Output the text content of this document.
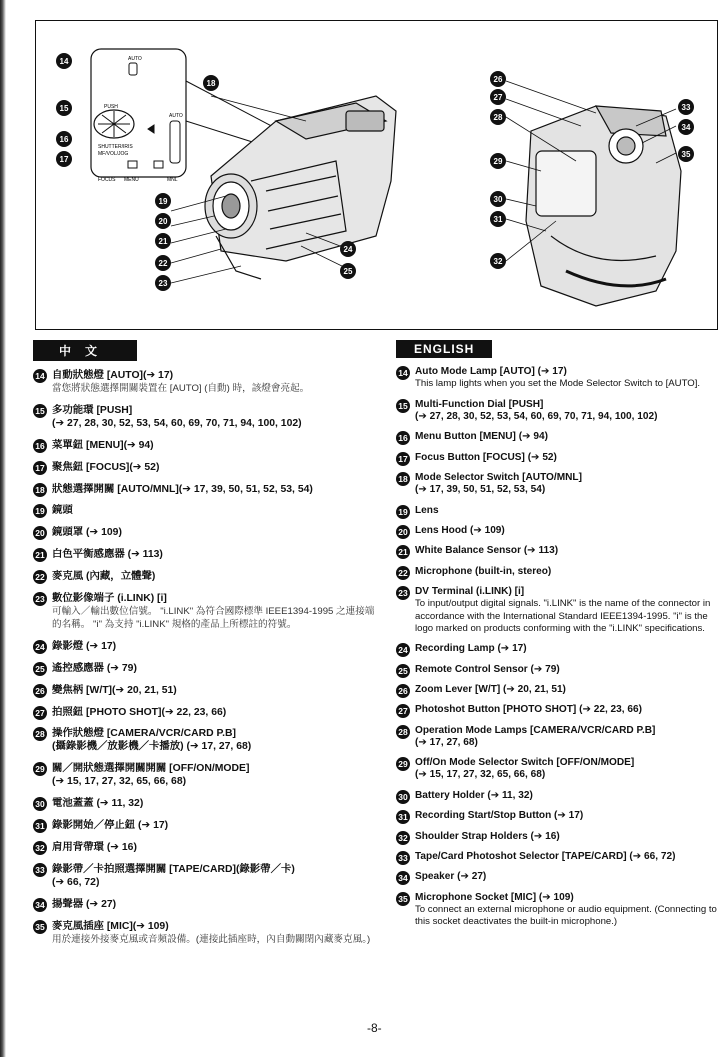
AUTO
PUSH
SHUTTER/IRIS
MF/VOL/JOG
FOCUS MENU
AUTO
MNL
14
15
16
17
18
19
20
21
22
23
24
25
26
27
28
29
30
31
32
33
34
35
中文
14 自動狀態燈 [AUTO](➔ 17)
當您將狀態選擇開關裝置在 [AUTO] (自動) 時，該燈會亮起。
15 多功能環 [PUSH]
(➔ 27, 28, 30, 52, 53, 54, 60, 69, 70, 71, 94, 100, 102)
16 菜單鈕 [MENU](➔ 94)
17 聚焦鈕 [FOCUS](➔ 52)
18 狀態選擇開關 [AUTO/MNL](➔ 17, 39, 50, 51, 52, 53, 54)
19 鏡頭
20 鏡頭罩 (➔ 109)
21 白色平衡感應器 (➔ 113)
22 麥克風 (內藏，立體聲)
23 數位影像端子 (i.LINK) [i]
可輸入／輸出數位信號。 "i.LINK" 為符合國際標準 IEEE1394-1995 之連接端的名稱。 "i" 為支持 "i.LINK" 規格的產品上所標註的符號。
24 錄影燈 (➔ 17)
25 遙控感應器 (➔ 79)
26 變焦柄 [W/T](➔ 20, 21, 51)
27 拍照鈕 [PHOTO SHOT](➔ 22, 23, 66)
28 操作狀態燈 [CAMERA/VCR/CARD P.B]
(攝錄影機／放影機／卡播放) (➔ 17, 27, 68)
29 關／開狀態選擇開關開關 [OFF/ON/MODE]
(➔ 15, 17, 27, 32, 65, 66, 68)
30 電池蓋蓋 (➔ 11, 32)
31 錄影開始／停止鈕 (➔ 17)
32 肩用背帶環 (➔ 16)
33 錄影帶／卡拍照選擇開關 [TAPE/CARD](錄影帶／卡)
(➔ 66, 72)
34 揚聲器 (➔ 27)
35 麥克風插座 [MIC](➔ 109)
用於連接外接麥克風或音頻設備。(連接此插座時，內自動關閉內藏麥克風。)
ENGLISH
14 Auto Mode Lamp [AUTO] (➔ 17)
This lamp lights when you set the Mode Selector Switch to [AUTO].
15 Multi-Function Dial [PUSH]
(➔ 27, 28, 30, 52, 53, 54, 60, 69, 70, 71, 94, 100, 102)
16 Menu Button [MENU] (➔ 94)
17 Focus Button [FOCUS] (➔ 52)
18 Mode Selector Switch [AUTO/MNL]
(➔ 17, 39, 50, 51, 52, 53, 54)
19 Lens
20 Lens Hood (➔ 109)
21 White Balance Sensor (➔ 113)
22 Microphone (built-in, stereo)
23 DV Terminal (i.LINK) [i]
To input/output digital signals. "i.LINK" is the name of the connector in accordance with the International Standard IEEE1394-1995. "i" is the logo marked on products conforming with the "i.LINK" specifications.
24 Recording Lamp (➔ 17)
25 Remote Control Sensor (➔ 79)
26 Zoom Lever [W/T] (➔ 20, 21, 51)
27 Photoshot Button [PHOTO SHOT] (➔ 22, 23, 66)
28 Operation Mode Lamps [CAMERA/VCR/CARD P.B]
(➔ 17, 27, 68)
29 Off/On Mode Selector Switch [OFF/ON/MODE]
(➔ 15, 17, 27, 32, 65, 66, 68)
30 Battery Holder (➔ 11, 32)
31 Recording Start/Stop Button (➔ 17)
32 Shoulder Strap Holders (➔ 16)
33 Tape/Card Photoshot Selector [TAPE/CARD] (➔ 66, 72)
34 Speaker (➔ 27)
35 Microphone Socket [MIC] (➔ 109)
To connect an external microphone or audio equipment. (Connecting to this socket deactivates the built-in microphone.)
-8-
